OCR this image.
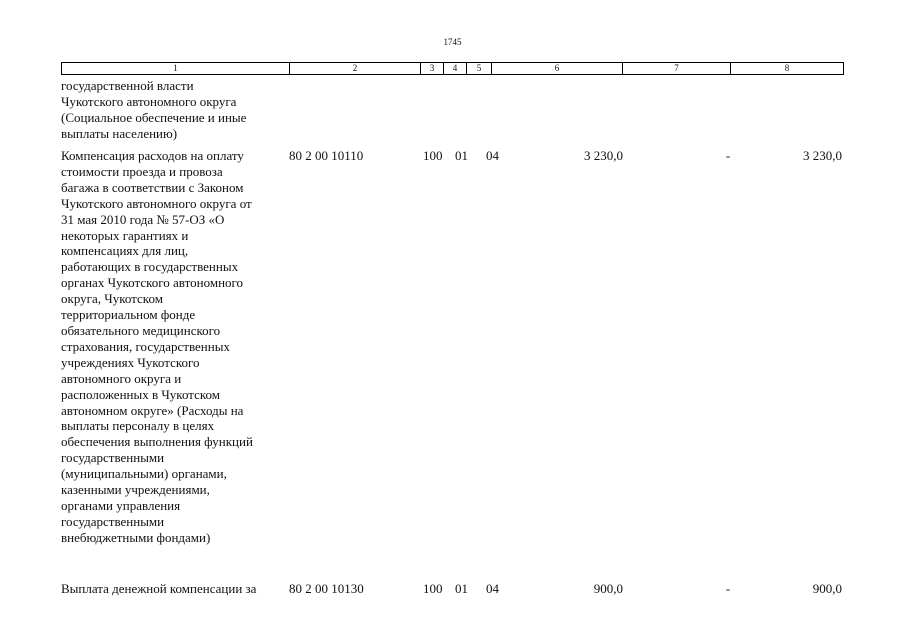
1745
1	2	3	4	5	6	7	8
государственной власти
Чукотского автономного округа
(Социальное обеспечение и иные
выплаты населению)
Компенсация расходов на оплату
стоимости проезда и провоза
багажа в соответствии с Законом
Чукотского автономного округа от
31 мая 2010 года № 57-ОЗ «О
некоторых гарантиях и
компенсациях для лиц,
работающих в государственных
органах Чукотского автономного
округа, Чукотском
территориальном фонде
обязательного медицинского
страхования, государственных
учреждениях Чукотского
автономного округа и
расположенных в Чукотском
автономном округе» (Расходы на
выплаты персоналу в целях
обеспечения выполнения функций
государственными
(муниципальными) органами,
казенными учреждениями,
органами управления
государственными
внебюджетными фондами)
80 2 00 10110	100 01 04	3 230,0	-	3 230,0
Выплата денежной компенсации за	80 2 00 10130	100 01 04	900,0	-	900,0
